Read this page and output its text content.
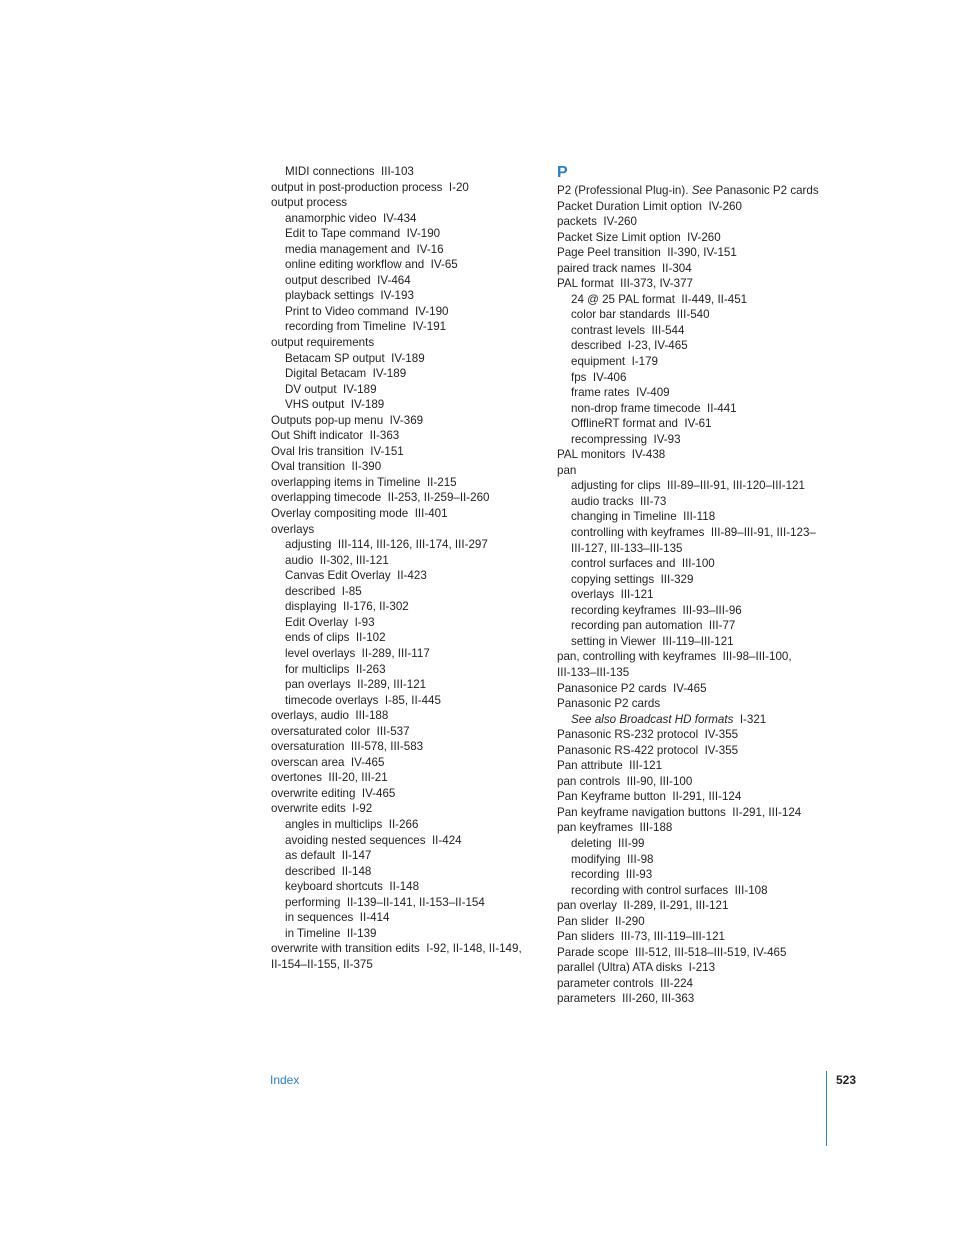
MIDI connections  III-103
output in post-production process  I-20
output process
anamorphic video  IV-434
Edit to Tape command  IV-190
media management and  IV-16
online editing workflow and  IV-65
output described  IV-464
playback settings  IV-193
Print to Video command  IV-190
recording from Timeline  IV-191
output requirements
Betacam SP output  IV-189
Digital Betacam  IV-189
DV output  IV-189
VHS output  IV-189
Outputs pop-up menu  IV-369
Out Shift indicator  II-363
Oval Iris transition  IV-151
Oval transition  II-390
overlapping items in Timeline  II-215
overlapping timecode  II-253, II-259–II-260
Overlay compositing mode  III-401
overlays
adjusting  III-114, III-126, III-174, III-297
audio  II-302, III-121
Canvas Edit Overlay  II-423
described  I-85
displaying  II-176, II-302
Edit Overlay  I-93
ends of clips  II-102
level overlays  II-289, III-117
for multiclips  II-263
pan overlays  II-289, III-121
timecode overlays  I-85, II-445
overlays, audio  III-188
oversaturated color  III-537
oversaturation  III-578, III-583
overscan area  IV-465
overtones  III-20, III-21
overwrite editing  IV-465
overwrite edits  I-92
angles in multiclips  II-266
avoiding nested sequences  II-424
as default  II-147
described  II-148
keyboard shortcuts  II-148
performing  II-139–II-141, II-153–II-154
in sequences  II-414
in Timeline  II-139
overwrite with transition edits  I-92, II-148, II-149,
II-154–II-155, II-375
P
P2 (Professional Plug-in). See Panasonic P2 cards
Packet Duration Limit option  IV-260
packets  IV-260
Packet Size Limit option  IV-260
Page Peel transition  II-390, IV-151
paired track names  II-304
PAL format  III-373, IV-377
24 @ 25 PAL format  II-449, II-451
color bar standards  III-540
contrast levels  III-544
described  I-23, IV-465
equipment  I-179
fps  IV-406
frame rates  IV-409
non-drop frame timecode  II-441
OfflineRT format and  IV-61
recompressing  IV-93
PAL monitors  IV-438
pan
adjusting for clips  III-89–III-91, III-120–III-121
audio tracks  III-73
changing in Timeline  III-118
controlling with keyframes  III-89–III-91, III-123–
III-127, III-133–III-135
control surfaces and  III-100
copying settings  III-329
overlays  III-121
recording keyframes  III-93–III-96
recording pan automation  III-77
setting in Viewer  III-119–III-121
pan, controlling with keyframes  III-98–III-100,
III-133–III-135
Panasonice P2 cards  IV-465
Panasonic P2 cards
See also Broadcast HD formats  I-321
Panasonic RS-232 protocol  IV-355
Panasonic RS-422 protocol  IV-355
Pan attribute  III-121
pan controls  III-90, III-100
Pan Keyframe button  II-291, III-124
Pan keyframe navigation buttons  II-291, III-124
pan keyframes  III-188
deleting  III-99
modifying  III-98
recording  III-93
recording with control surfaces  III-108
pan overlay  II-289, II-291, III-121
Pan slider  II-290
Pan sliders  III-73, III-119–III-121
Parade scope  III-512, III-518–III-519, IV-465
parallel (Ultra) ATA disks  I-213
parameter controls  III-224
parameters  III-260, III-363
Index	523
